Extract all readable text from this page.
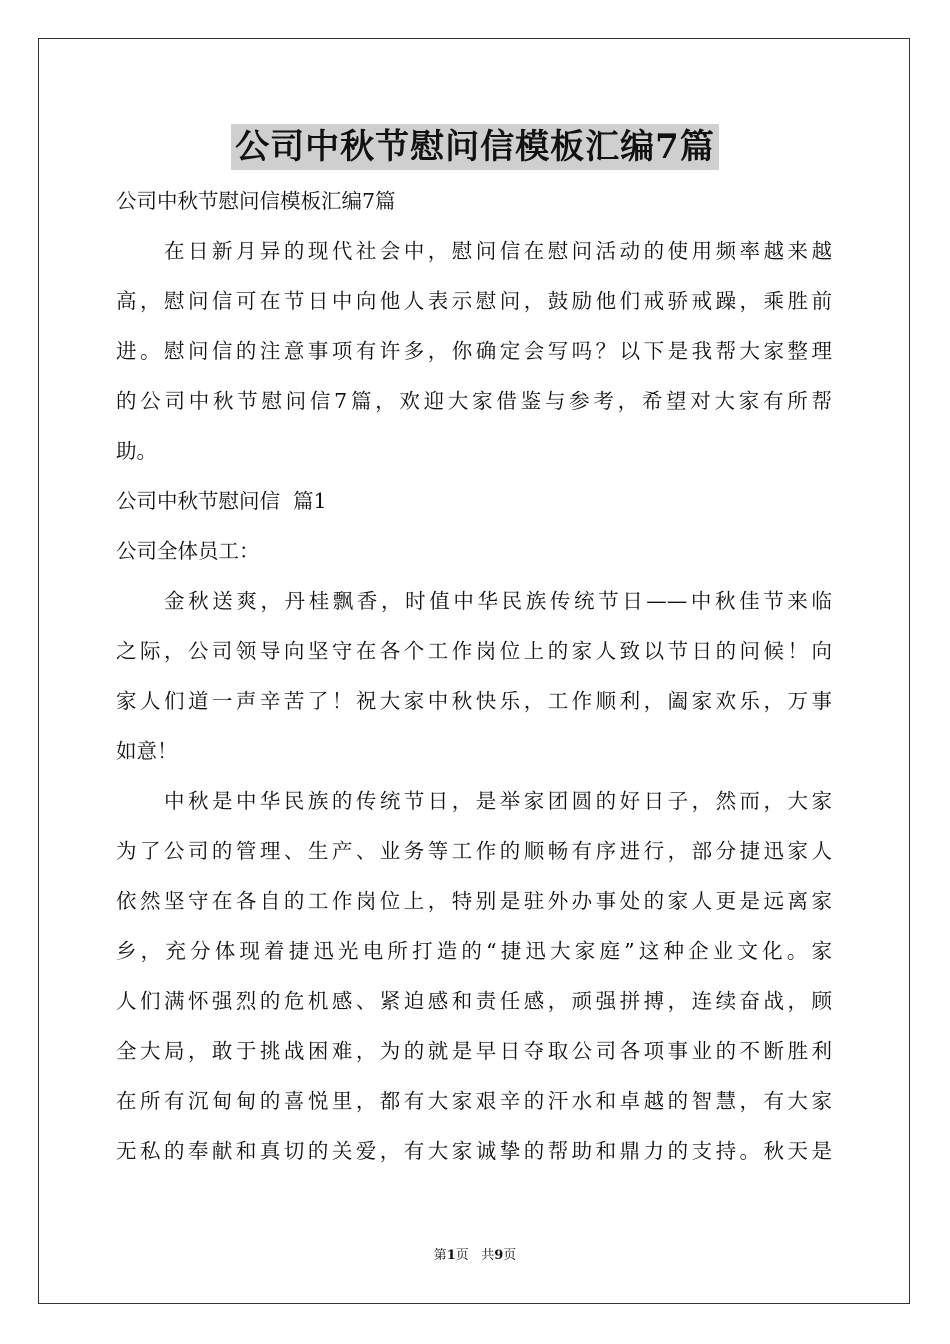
公司中秋节慰问信模板汇编7篇
公司中秋节慰问信模板汇编7篇
在日新月异的现代社会中，慰问信在慰问活动的使用频率越来越
高，慰问信可在节日中向他人表示慰问，鼓励他们戒骄戒躁，乘胜前
进。慰问信的注意事项有许多，你确定会写吗？以下是我帮大家整理
的公司中秋节慰问信7篇，欢迎大家借鉴与参考，希望对大家有所帮
助。
公司中秋节慰问信  篇1
公司全体员工：
金秋送爽，丹桂飘香，时值中华民族传统节日——中秋佳节来临
之际，公司领导向坚守在各个工作岗位上的家人致以节日的问候！向
家人们道一声辛苦了！祝大家中秋快乐，工作顺利，阖家欢乐，万事
如意！
中秋是中华民族的传统节日，是举家团圆的好日子，然而，大家
为了公司的管理、生产、业务等工作的顺畅有序进行，部分捷迅家人
依然坚守在各自的工作岗位上，特别是驻外办事处的家人更是远离家
乡，充分体现着捷迅光电所打造的“捷迅大家庭”这种企业文化。家
人们满怀强烈的危机感、紧迫感和责任感，顽强拼搏，连续奋战，顾
全大局，敢于挑战困难，为的就是早日夺取公司各项事业的不断胜利
在所有沉甸甸的喜悦里，都有大家艰辛的汗水和卓越的智慧，有大家
无私的奉献和真切的关爱，有大家诚挚的帮助和鼎力的支持。秋天是
第1页 共9页
